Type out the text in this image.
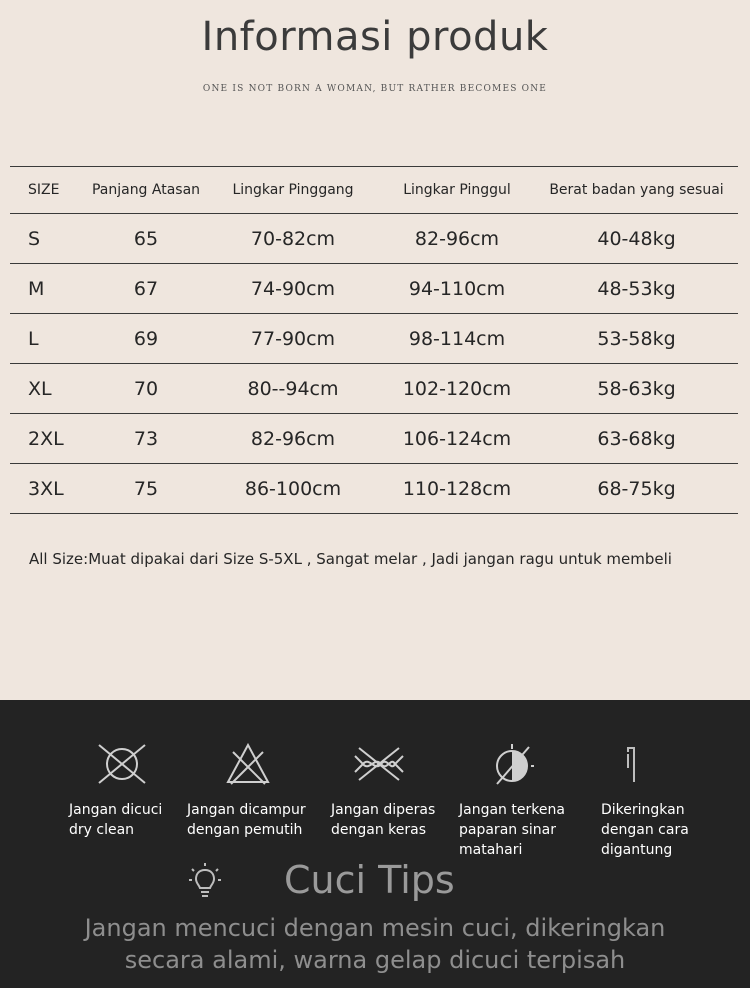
Informasi produk
ONE IS NOT BORN A WOMAN, BUT RATHER BECOMES ONE
SIZE	Panjang Atasan	Lingkar Pinggang	Lingkar Pinggul	Berat badan yang sesuai
S	65	70-82cm	82-96cm	40-48kg
M	67	74-90cm	94-110cm	48-53kg
L	69	77-90cm	98-114cm	53-58kg
XL	70	80--94cm	102-120cm	58-63kg
2XL	73	82-96cm	106-124cm	63-68kg
3XL	75	86-100cm	110-128cm	68-75kg
All Size:Muat dipakai dari Size S-5XL , Sangat melar , Jadi jangan ragu untuk membeli
Jangan dicuci
dry clean
Jangan dicampur
dengan pemutih
Jangan diperas
dengan keras
Jangan terkena
paparan sinar
matahari
Dikeringkan
dengan cara
digantung
Cuci Tips
Jangan mencuci dengan mesin cuci, dikeringkan
secara alami, warna gelap dicuci terpisah
